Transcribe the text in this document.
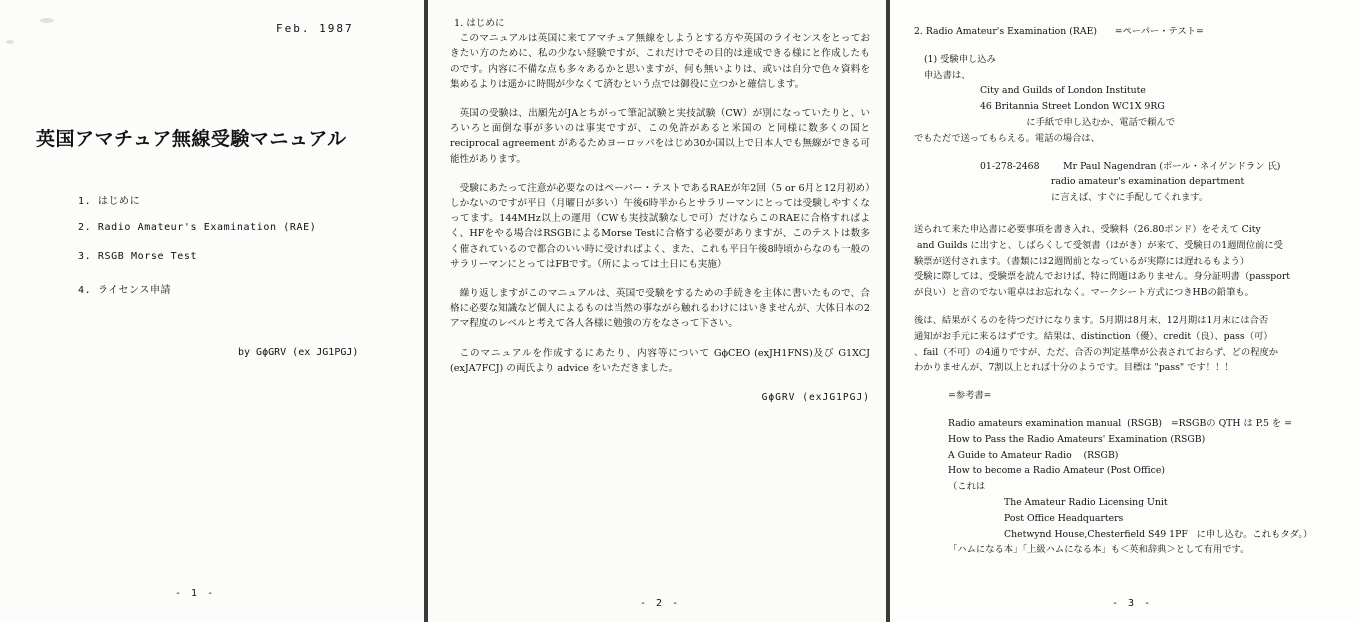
Feb. 1987
英国アマチュア無線受験マニュアル
1. はじめに
2. Radio Amateur's Examination (RAE)
3. RSGB Morse Test
4. ライセンス申請
by GϕGRV (ex JG1PGJ)
- 1 -

1. はじめに

このマニュアルは英国に来てアマチュア無線をしようとする方や英国のライセンスをとっておきたい方のために、私の少ない経験ですが、これだけでその目的は達成できる様にと作成したものです。内容に不備な点も多々あるかと思いますが、何も無いよりは、或いは自分で色々資料を集めるよりは遥かに時間が少なくて済むという点では御役に立つかと確信します。

英国の受験は、出願先がJAとちがって筆記試験と実技試験（CW）が別になっていたりと、いろいろと面倒な事が多いのは事実ですが、この免許があると米国の と同様に数多くの国とreciprocal agreement があるためヨーロッパをはじめ30か国以上で日本人でも無線ができる可能性があります。

受験にあたって注意が必要なのはペーパー・テストであるRAEが年2回（5 or 6月と12月初め）しかないのですが平日（月曜日が多い）午後6時半からとサラリーマンにとっては受験しやすくなってます。144MHz以上の運用（CWも実技試験なしで可）だけならこのRAEに合格すればよく、HFをやる場合はRSGBによるMorse Testに合格する必要がありますが、このテストは数多く催されているので都合のいい時に受ければよく、また、これも平日午後8時頃からなのも一般のサラリーマンにとってはFBです。（所によっては土日にも実施）

繰り返しますがこのマニュアルは、英国で受験をするための手続きを主体に書いたもので、合格に必要な知識など個人によるものは当然の事ながら触れるわけにはいきませんが、大体日本の2アマ程度のレベルと考えて各人各様に勉強の方をなさって下さい。

このマニュアルを作成するにあたり、内容等について GϕCEO (exJH1FNS)及び G1XCJ (exJA7FCJ) の両氏より advice をいただきました。

GϕGRV (exJG1PGJ)
- 2 -
2. Radio Amateur's Examination (RAE)      =ペーパー・テスト=
(1) 受験申し込み
申込書は、
City and Guilds of London Institute
46 Britannia Street London WC1X 9RG
に手紙で申し込むか、電話で頼んで
でもただで送ってもらえる。電話の場合は、
01-278-2468        Mr Paul Nagendran (ポール・ネイゲンドラン 氏)
radio amateur's examination department
に言えば、すぐに手配してくれます。
送られて来た申込書に必要事項を書き入れ、受験料（26.80ポンド）をそえて City
and Guilds に出すと、しばらくして受領書（はがき）が来て、受験日の1週間位前に受
験票が送付されます。（書類には2週間前となっているが実際には遅れるもよう）
受験に際しては、受験票を読んでおけば、特に問題はありません。身分証明書（passport
が良い）と音のでない電卓はお忘れなく。マークシート方式につきHBの鉛筆も。
後は、結果がくるのを待つだけになります。5月期は8月末、12月期は1月末には合否
通知がお手元に来るはずです。結果は、distinction（優）、credit（良）、pass（可）
、fail（不可）の4通りですが、ただ、合否の判定基準が公表されておらず、どの程度か
わかりませんが、7割以上とれば十分のようです。目標は "pass" です！！！
=参考書=
Radio amateurs examination manual  (RSGB)   =RSGBの QTH は P.5 を =
How to Pass the Radio Amateurs' Examination (RSGB)
A Guide to Amateur Radio    (RSGB)
How to become a Radio Amateur (Post Office)
（これは
The Amateur Radio Licensing Unit
Post Office Headquarters
Chetwynd House,Chesterfield S49 1PF   に申し込む。これもタダ。）
「ハムになる本」「上級ハムになる本」も＜英和辞典＞として有用です。
- 3 -
